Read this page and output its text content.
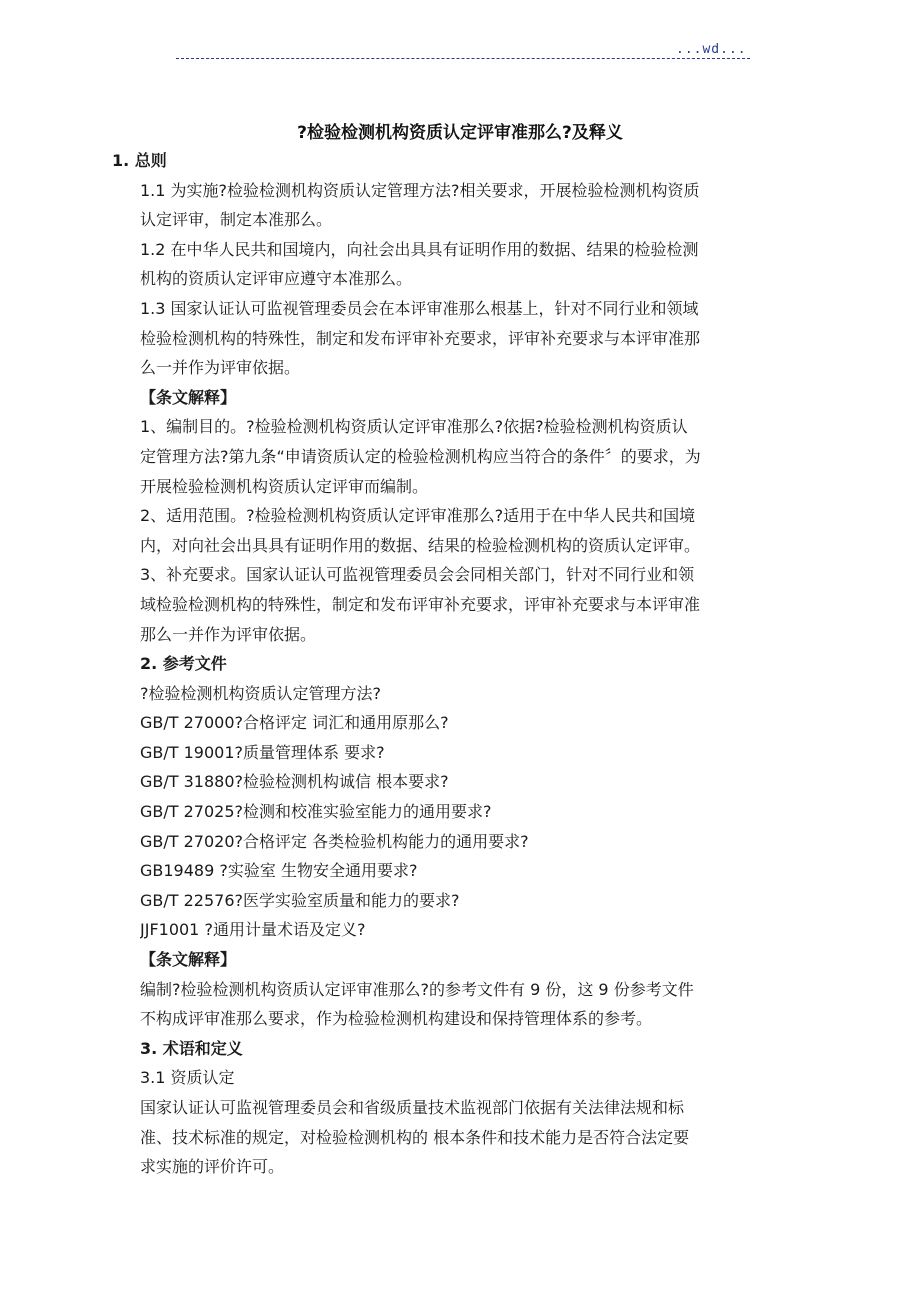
...wd...
?检验检测机构资质认定评审准那么?及释义
1. 总则
1.1 为实施?检验检测机构资质认定管理方法?相关要求，开展检验检测机构资质
认定评审，制定本准那么。
1.2 在中华人民共和国境内，向社会出具具有证明作用的数据、结果的检验检测
机构的资质认定评审应遵守本准那么。
1.3 国家认证认可监视管理委员会在本评审准那么根基上，针对不同行业和领域
检验检测机构的特殊性，制定和发布评审补充要求，评审补充要求与本评审准那
么一并作为评审依据。
【条文解释】
1、编制目的。?检验检测机构资质认定评审准那么?依据?检验检测机构资质认
定管理方法?第九条“申请资质认定的检验检测机构应当符合的条件〞的要求，为
开展检验检测机构资质认定评审而编制。
2、适用范围。?检验检测机构资质认定评审准那么?适用于在中华人民共和国境
内，对向社会出具具有证明作用的数据、结果的检验检测机构的资质认定评审。
3、补充要求。国家认证认可监视管理委员会会同相关部门，针对不同行业和领
域检验检测机构的特殊性，制定和发布评审补充要求，评审补充要求与本评审准
那么一并作为评审依据。
2. 参考文件
?检验检测机构资质认定管理方法?
GB/T 27000?合格评定 词汇和通用原那么?
GB/T 19001?质量管理体系 要求?
GB/T 31880?检验检测机构诚信 根本要求?
GB/T 27025?检测和校准实验室能力的通用要求?
GB/T 27020?合格评定 各类检验机构能力的通用要求?
GB19489 ?实验室 生物安全通用要求?
GB/T 22576?医学实验室质量和能力的要求?
JJF1001 ?通用计量术语及定义?
【条文解释】
编制?检验检测机构资质认定评审准那么?的参考文件有 9 份，这 9 份参考文件
不构成评审准那么要求，作为检验检测机构建设和保持管理体系的参考。
3. 术语和定义
3.1 资质认定
国家认证认可监视管理委员会和省级质量技术监视部门依据有关法律法规和标
准、技术标准的规定，对检验检测机构的 根本条件和技术能力是否符合法定要
求实施的评价许可。
